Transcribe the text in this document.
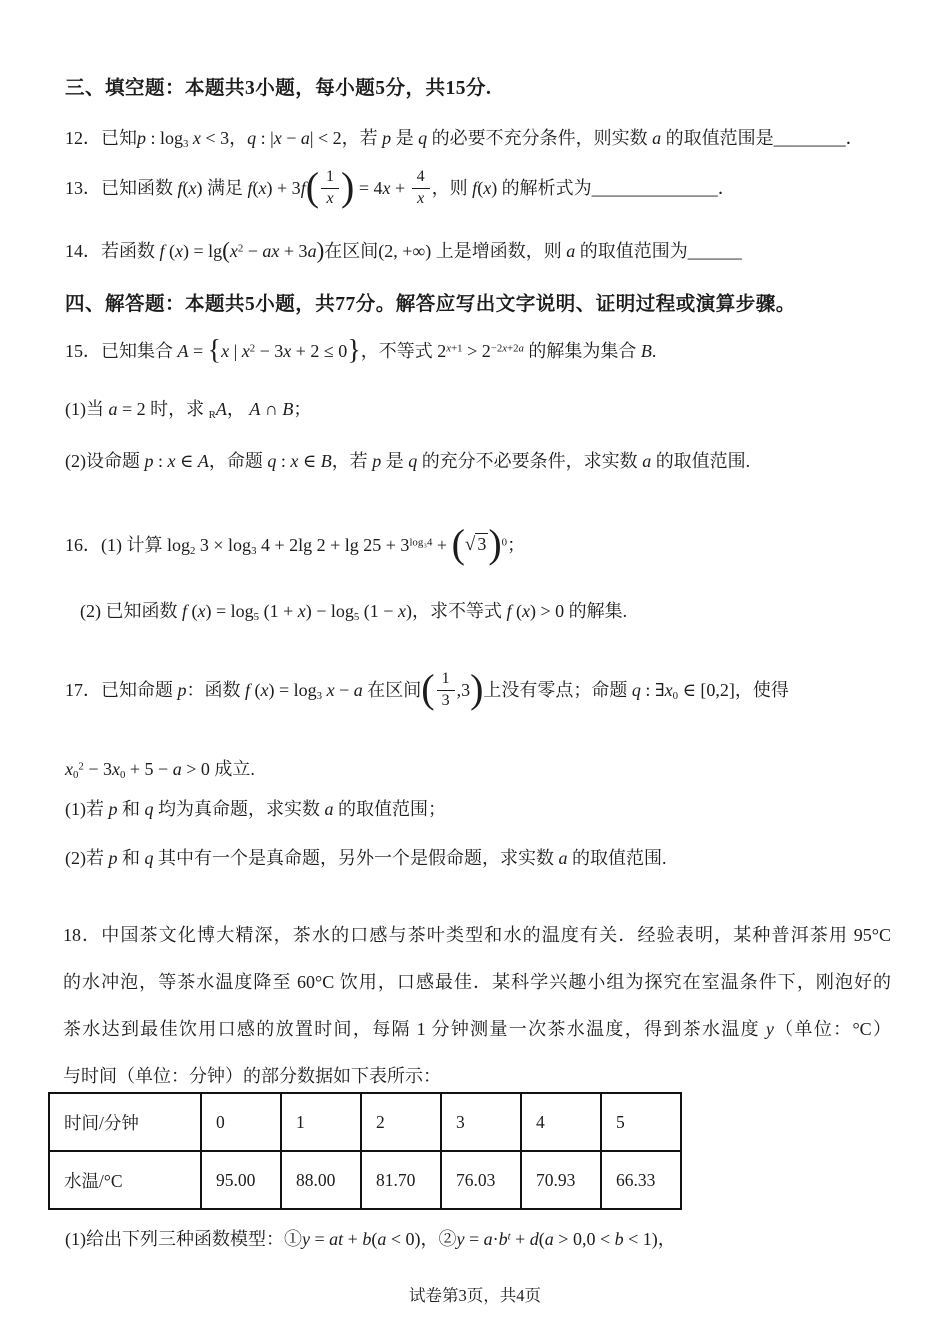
三、填空题：本题共3小题，每小题5分，共15分.
12．已知p : $\log_3 x < 3$，q : |x − a| < 2，若 p 是 q 的必要不充分条件，则实数 a 的取值范围是________．
13．已知函数 f(x) 满足 $f(x) + 3f( \frac{1}{x}$ ) = $4x + \frac{4}{x}$ ，则 f(x) 的解析式为______________．
14．若函数 f $(x) = \lg(x^2$ − ax + 3a)在区间(2, +∞) 上是增函数，则 a 的取值范围为______
四、解答题：本题共5小题，共77分。解答应写出文字说明、证明过程或演算步骤。
15．已知集合 A = {x | $x^2 - 3x + 2 \le 0$}，不等式 $2^{x+1} > 2^{-2x+2a}$ 的解集为集合 B.
(1)当 a = 2 时，求 $_R$A， A ∩ B；
(2)设命题 p : x ∈ A，命题 q : x ∈ B，若 p 是 q 的充分不必要条件，求实数 a 的取值范围.
16．(1) 计算 $\log_2 3 \times \log_3 4 + 2\lg$ $2 + \lg 25 + 3^{log_34}$ + (√ 3)$^0$；
(2) 已知函数 f $(x) = \log_5 (1 + x) - \log_5 (1 - x)$，求不等式 f (x) > 0 的解集.
17．已知命题 p：函数 f $(x) = \log_3 x - a$ 在区间( $\frac{1}{3} ,3$)上没有零点；命题 q : $\exists x_0$ ∈ [0,2]，使得
$x_0^2 - 3x_0 + 5 - a > 0$ 成立.
(1)若 p 和 q 均为真命题，求实数 a 的取值范围；
(2)若 p 和 q 其中有一个是真命题，另外一个是假命题，求实数 a 的取值范围.
18．中国茶文化博大精深，茶水的口感与茶叶类型和水的温度有关．经验表明，某种普洱茶用 95°C
的水冲泡，等茶水温度降至 60°C 饮用，口感最佳．某科学兴趣小组为探究在室温条件下，刚泡好的
茶水达到最佳饮用口感的放置时间，每隔 1 分钟测量一次茶水温度，得到茶水温度 y（单位：°C）
与时间（单位：分钟）的部分数据如下表所示：
时间/分钟	0	1	2	3	4	5
水温/°C	95.00	88.00	81.70	76.03	70.93	66.33
(1)给出下列三种函数模型：①y = at + b(a < 0)，②y = $a\cdot b^t + d(a > 0,0 < b < 1)$，
试卷第3页，共4页
